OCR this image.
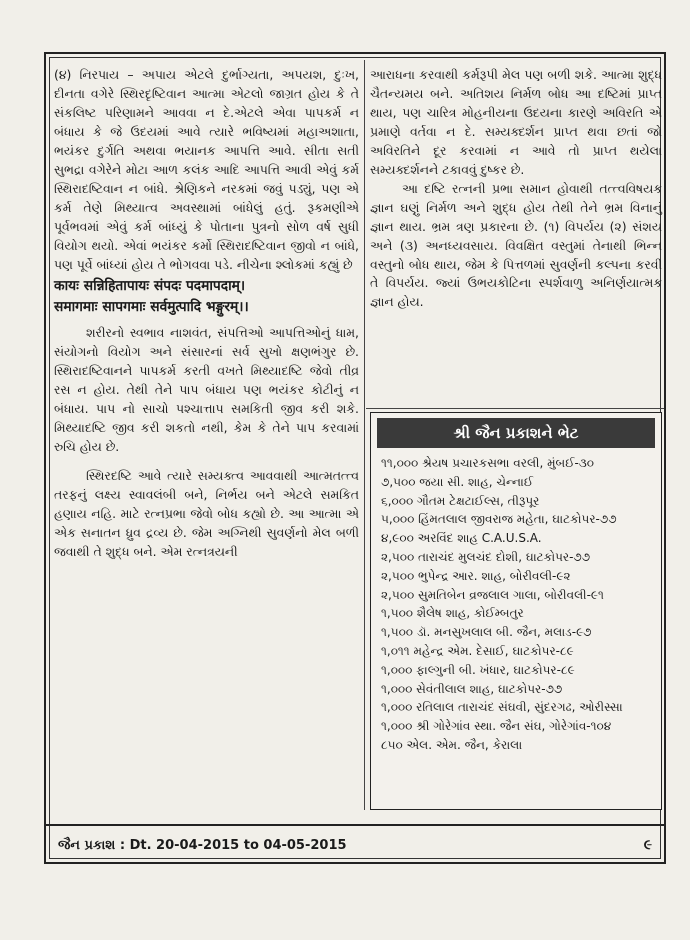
(૪) નિરપાય – અપાય એટલે દુર્ભાગ્યતા, અપયશ, દુઃખ, દીનતા વગેરે સ્થિરદૃષ્ટિવાન આત્મા એટલો જાગ્રત હોય કે તે સંકલિષ્ટ પરિણામને આવવા ન દે.એટલે એવા પાપકર્મ ન બંધાય કે જે ઉદયમાં આવે ત્યારે ભવિષ્યમાં મહાઅશાતા, ભયંકર દુર્ગતિ અથવા ભયાનક આપત્તિ આવે. સીતા સતી સુભદ્રા વગેરેને મોટા આળ કલંક આદિ આપત્તિ આવી એવું કર્મ સ્થિરાદષ્ટિવાન ન બાંધે. શ્રેણિકને નરકમાં જવું પડ્યું, પણ એ કર્મ તેણે મિથ્યાત્વ અવસ્થામાં બાંધેલું હતું. રૂકમણીએ પૂર્વભવમાં એવું કર્મ બાંધ્યું કે પોતાના પુત્રનો સોળ વર્ષ સુધી વિયોગ થયો. એવાં ભયંકર કર્મો સ્થિરાદષ્ટિવાન જીવો ન બાંધે, પણ પૂર્વે બાંધ્યાં હોય તે ભોગવવા પડે. નીચેના શ્લોકમાં કહ્યું છે

कायः सन्निहितापायः संपदः पदमापदाम्।
समागमाः सापगमाः सर्वमुत्पादि भङ्गुरम्।।

શરીરનો સ્વભાવ નાશવંત, સંપત્તિઓ આપત્તિઓનું ધામ, સંયોગનો વિયોગ અને સંસારનાં સર્વ સુખો ક્ષણભંગુર છે. સ્થિરાદષ્ટિવાનને પાપકર્મ કરતી વખતે મિથ્યાદષ્ટિ જેવો તીવ્ર રસ ન હોય. તેથી તેને પાપ બંધાય પણ ભયંકર કોટીનું ન બંધાય. પાપ નો સાચો પશ્ચાત્તાપ સમકિતી જીવ કરી શકે. મિથ્યાદષ્ટિ જીવ કરી શકતો નથી, કેમ કે તેને પાપ કરવામાં રુચિ હોય છે.

સ્થિરદષ્ટિ આવે ત્યારે સમ્યક્ત્વ આવવાથી આત્મતત્ત્વ તરફનું લક્ષ્ય સ્વાવલંબી બને, નિર્ભય બને એટલે સમકિત હણાય નહિ. માટે રત્નપ્રભા જેવો બોધ કહ્યો છે. આ આત્મા એ એક સનાતન ધ્રુવ દ્રવ્ય છે. જેમ અગ્નિથી સુવર્ણનો મેલ બળી જવાથી તે શુદ્ધ બને. એમ રત્નત્રયની

આરાધના કરવાથી કર્મરૂપી મેલ પણ બળી શકે. આત્મા શુદ્ધ ચૈતન્યમય બને. અતિશય નિર્મળ બોધ આ દષ્ટિમાં પ્રાપ્ત થાય, પણ ચારિત્ર મોહનીયના ઉદયના કારણે અવિરતિ એ પ્રમાણે વર્તવા ન દે. સમ્યક્દર્શન પ્રાપ્ત થવા છતાં જો અવિરતિને દૂર કરવામાં ન આવે તો પ્રાપ્ત થયેલા સમ્યક્દર્શનને ટકાવવું દુષ્કર છે.

આ દષ્ટિ રત્નની પ્રભા સમાન હોવાથી તત્ત્વવિષયક જ્ઞાન ઘણું નિર્મળ અને શુદ્ધ હોય તેથી તેને ભ્રમ વિનાનું જ્ઞાન થાય. ભ્રમ ત્રણ પ્રકારના છે. (૧) વિપર્યય (૨) સંશય અને (૩) અનધ્યવસાય. વિવક્ષિત વસ્તુમાં તેનાથી ભિન્ન વસ્તુનો બોધ થાય, જેમ કે પિત્તળમાં સુવર્ણની કલ્પના કરવી તે વિપર્યય. જ્યાં ઉભયકોટિના સ્પર્શવાળુ અનિર્ણયાત્મક જ્ઞાન હોય.

શ્રી જૈન પ્રકાશને ભેટ
૧૧,૦૦૦ શ્રેયષ પ્રચારકસભા વરલી, મુંબઈ-૩૦
૭,૫૦૦ જયા સી. શાહ, ચેન્નાઈ
૬,૦૦૦ ગૌતમ ટેક્ષટાઈલ્સ, તીરૂપૂર
૫,૦૦૦ હિંમતલાલ જીવરાજ મહેતા, ઘાટકોપર-૭૭
૪,૯૦૦ અરવિંદ શાહ C.A.U.S.A.
૨,૫૦૦ તારાચંદ મુલચંદ દોશી, ઘાટકોપર-૭૭
૨,૫૦૦ ભુપેન્દ્ર આર. શાહ, બોરીવલી-૯૨
૨,૫૦૦ સુમતિબેન વ્રજલાલ ગાલા, બોરીવલી-૯૧
૧,૫૦૦ શૈલેષ શાહ, કોઈમ્બતુર
૧,૫૦૦ ડૉ. મનસુખલાલ બી. જૈન, મલાડ-૯૭
૧,૦૧૧ મહેન્દ્ર એમ. દેસાઈ, ઘાટકોપર-૮૯
૧,૦૦૦ ફાલ્ગુની બી. ખંધાર, ઘાટકોપર-૮૯
૧,૦૦૦ સેવંતીલાલ શાહ, ઘાટકોપર-૭૭
૧,૦૦૦ રતિલાલ તારાચંદ સંઘવી, સુંદરગઢ, ઓરીસ્સા
૧,૦૦૦ શ્રી ગોરેગાંવ સ્થા. જૈન સંઘ, ગોરેગાંવ-૧૦૪
૮૫૦ એલ. એમ. જૈન, કેરાલા
જૈન પ્રકાશ : Dt. 20-04-2015 to 04-05-2015	૯
